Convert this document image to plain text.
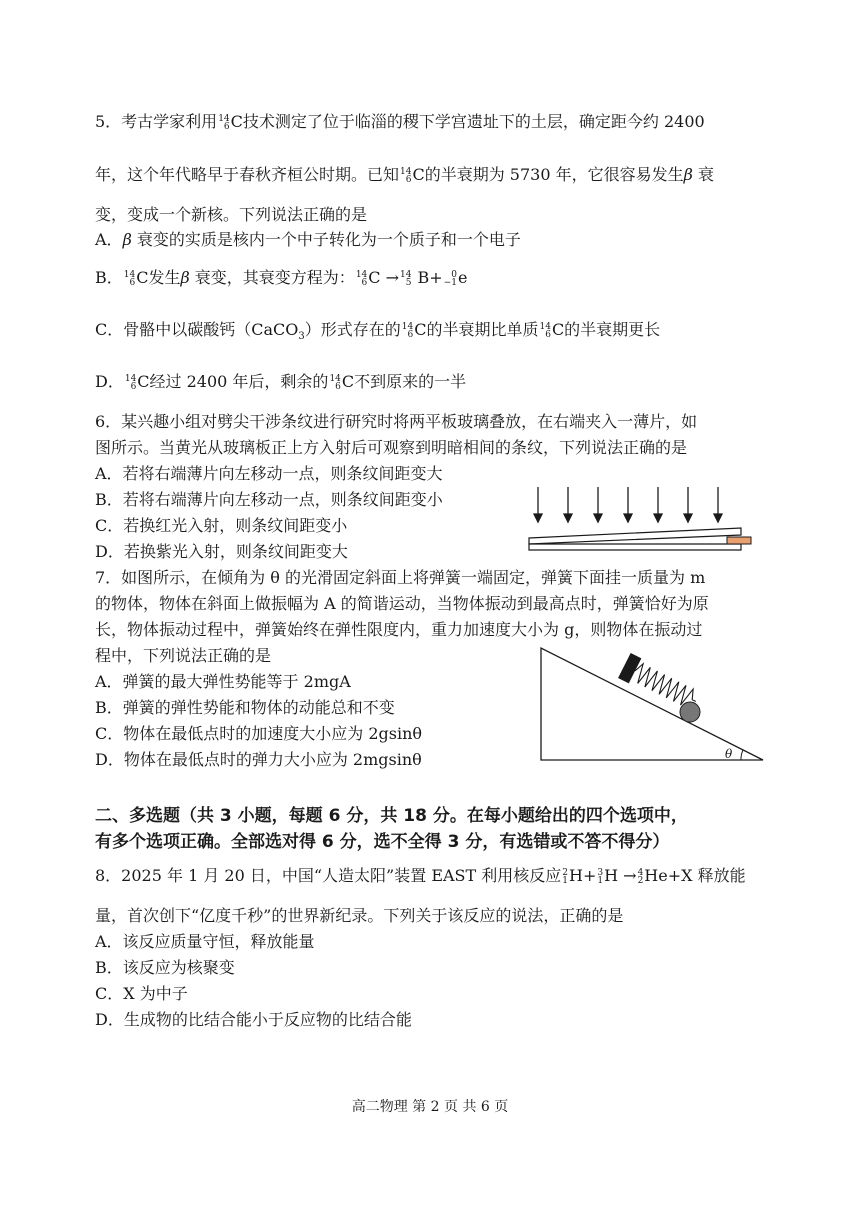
5．考古学家利用 14
6 C技术测定了位于临淄的稷下学宫遗址下的土层，确定距今约 2400
年，这个年代略早于春秋齐桓公时期。已知 14
6 C的半衰期为 5730 年，它很容易发生β 衰
变，变成一个新核。下列说法正确的是
A．β 衰变的实质是核内一个中子转化为一个质子和一个电子
B． 14
6 C发生β 衰变，其衰变方程为： 14
6 C → 14
5 B+ 0
−1 e
C．骨骼中以碳酸钙（CaCO$_3$）形式存在的 14
6 C的半衰期比单质 14
6 C的半衰期更长
D． 14
6 C经过 2400 年后，剩余的 14
6 C不到原来的一半
6．某兴趣小组对劈尖干涉条纹进行研究时将两平板玻璃叠放，在右端夹入一薄片，如
图所示。当黄光从玻璃板正上方入射后可观察到明暗相间的条纹，下列说法正确的是
A．若将右端薄片向左移动一点，则条纹间距变大
B．若将右端薄片向左移动一点，则条纹间距变小
C．若换红光入射，则条纹间距变小
D．若换紫光入射，则条纹间距变大
7．如图所示，在倾角为 θ 的光滑固定斜面上将弹簧一端固定，弹簧下面挂一质量为 m
的物体，物体在斜面上做振幅为 A 的简谐运动，当物体振动到最高点时，弹簧恰好为原
长，物体振动过程中，弹簧始终在弹性限度内，重力加速度大小为 g，则物体在振动过
程中，下列说法正确的是
A．弹簧的最大弹性势能等于 2mgA
B．弹簧的弹性势能和物体的动能总和不变
C．物体在最低点时的加速度大小应为 2gsinθ
D．物体在最低点时的弹力大小应为 2mgsinθ	θ
二、多选题（共 3 小题，每题 6 分，共 18 分。在每小题给出的四个选项中，
有多个选项正确。全部选对得 6 分，选不全得 3 分，有选错或不答不得分）
8．2025 年 1 月 20 日，中国“人造太阳”装置 EAST 利用核反应 2
1 H+ 3
1 H → 4
2 He+X 释放能
量，首次创下“亿度千秒”的世界新纪录。下列关于该反应的说法，正确的是
A．该反应质量守恒，释放能量
B．该反应为核聚变
C．X 为中子
D．生成物的比结合能小于反应物的比结合能
高二物理 第 2 页 共 6 页
